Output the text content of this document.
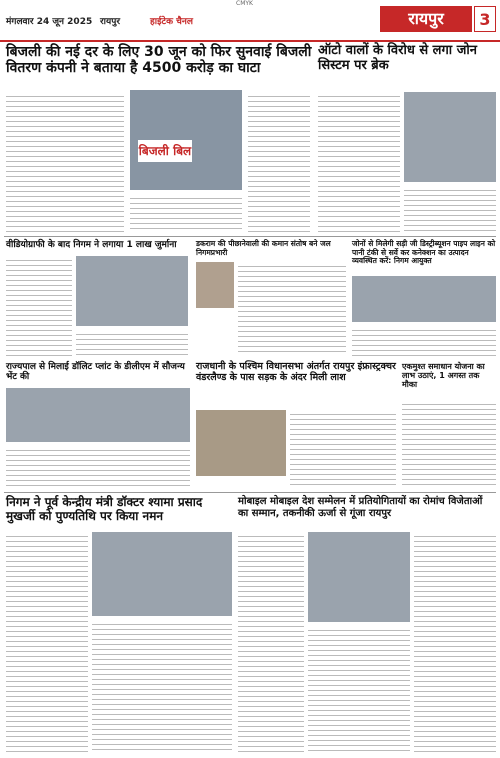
CMYK
मंगलवार 24 जून 2025	हाईटेक चैनल
रायपुर	रायपुर	3
बिजली की नई दर के लिए 30 जून को फिर सुनवाई बिजली वितरण कंपनी ने बताया है 4500 करोड़ का घाटा
बिजली बिल
ऑटो वालों के विरोध से लगा जोन सिस्टम पर ब्रेक
वीडियोग्राफी के बाद निगम ने लगाया 1 लाख जुर्माना	डकराम की पीछानेवाली की कमान संतोष बने जल निगमप्रभारी
जोनों से मिलेगी सड़ी जी डिस्ट्रीब्यूशन पाइप लाइन को पानी टंकी से सर्वे कर कनेक्शन का उत्पादन व्यवस्थित करें: निगम आयुक्त
राज्यपाल से मिलाई डॉलिट प्लांट के डीलीएम में सौजन्य भेंट की
राजधानी के पश्चिम विधानसभा अंतर्गत रायपुर इंफ्रास्ट्रक्चर वंडरलैण्ड के पास सड़क के अंदर मिली लाश
एकमुश्त समाधान योजना का लाभ उठाएं, 1 अगस्त तक मौका
निगम ने पूर्व केन्द्रीय मंत्री डॉक्टर श्यामा प्रसाद मुखर्जी को पुण्यतिथि पर किया नमन
मोबाइल मोबाइल देश सम्मेलन में प्रतियोगितायों का रोमांच विजेताओं का सम्मान, तकनीकी ऊर्जा से गूंजा रायपुर
